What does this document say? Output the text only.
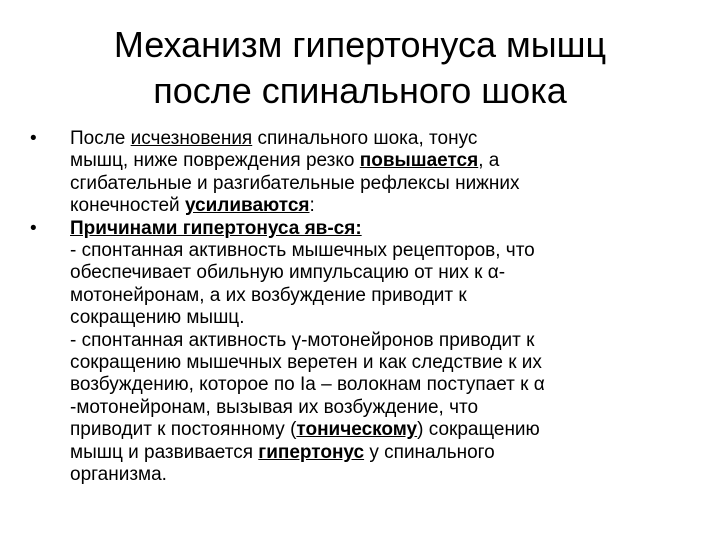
Механизм гипертонуса мышц
после спинального шока
•	После исчезновения спинального шока, тонус
мышц, ниже повреждения резко повышается, а
сгибательные и разгибательные рефлексы нижних
конечностей усиливаются:
•	Причинами гипертонуса яв-ся:
- спонтанная активность мышечных рецепторов, что
обеспечивает обильную импульсацию от них к α-
мотонейронам, а их возбуждение приводит к
сокращению мышц.
- спонтанная активность γ-мотонейронов приводит к
сокращению мышечных веретен и как следствие к их
возбуждению, которое по Ia – волокнам поступает к α
-мотонейронам, вызывая их возбуждение, что
приводит к постоянному (тоническому) сокращению
мышц и развивается гипертонус у спинального
организма.
